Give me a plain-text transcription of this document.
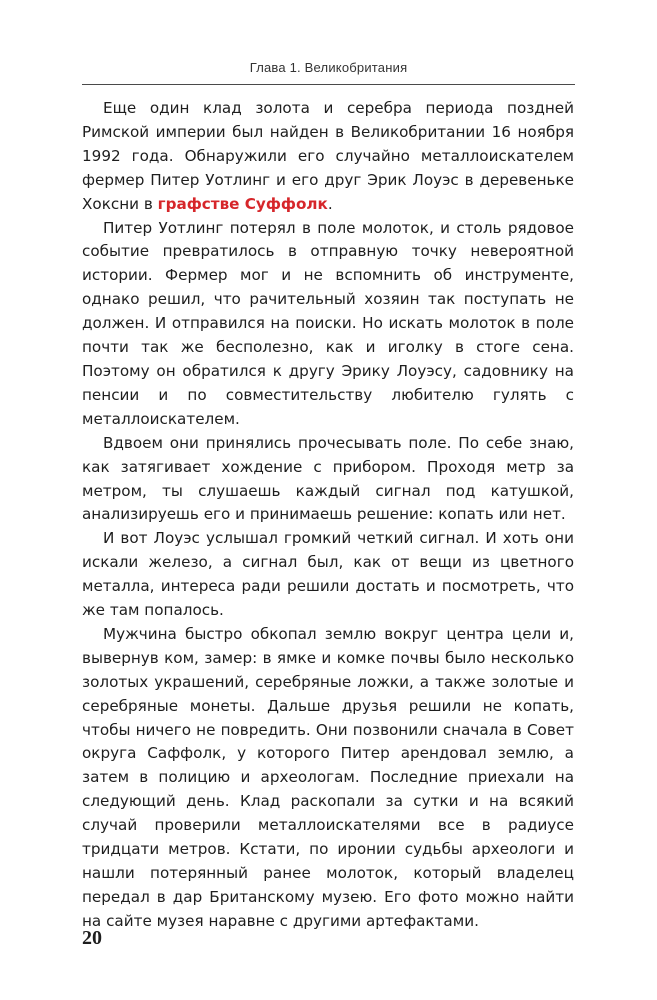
Глава 1. Великобритания

Еще один клад золота и серебра периода поздней Римской империи был найден в Великобритании 16 ноября 1992 года. Обнаружили его случайно металлоискателем фермер Питер Уотлинг и его друг Эрик Лоуэс в деревеньке Хоксни в графстве Суффолк.

Питер Уотлинг потерял в поле молоток, и столь рядовое событие превратилось в отправную точку невероятной истории. Фермер мог и не вспомнить об инструменте, однако решил, что рачительный хозяин так поступать не должен. И отправился на поиски. Но искать молоток в поле почти так же бесполезно, как и иголку в стоге сена. Поэтому он обратился к другу Эрику Лоуэсу, садовнику на пенсии и по совместительству любителю гулять с металлоискателем.

Вдвоем они принялись прочесывать поле. По себе знаю, как затягивает хождение с прибором. Проходя метр за метром, ты слушаешь каждый сигнал под катушкой, анализируешь его и принимаешь решение: копать или нет.

И вот Лоуэс услышал громкий четкий сигнал. И хоть они искали железо, а сигнал был, как от вещи из цветного металла, интереса ради решили достать и посмотреть, что же там попалось.

Мужчина быстро обкопал землю вокруг центра цели и, вывернув ком, замер: в ямке и комке почвы было несколько золотых украшений, серебряные ложки, а также золотые и серебряные монеты. Дальше друзья решили не копать, чтобы ничего не повредить. Они позвонили сначала в Совет округа Саффолк, у которого Питер арендовал землю, а затем в полицию и археологам. Последние приехали на следующий день. Клад раскопали за сутки и на всякий случай проверили металлоискателями все в радиусе тридцати метров. Кстати, по иронии судьбы археологи и нашли потерянный ранее молоток, который владелец передал в дар Британскому музею. Его фото можно найти на сайте музея наравне с другими артефактами.

20
